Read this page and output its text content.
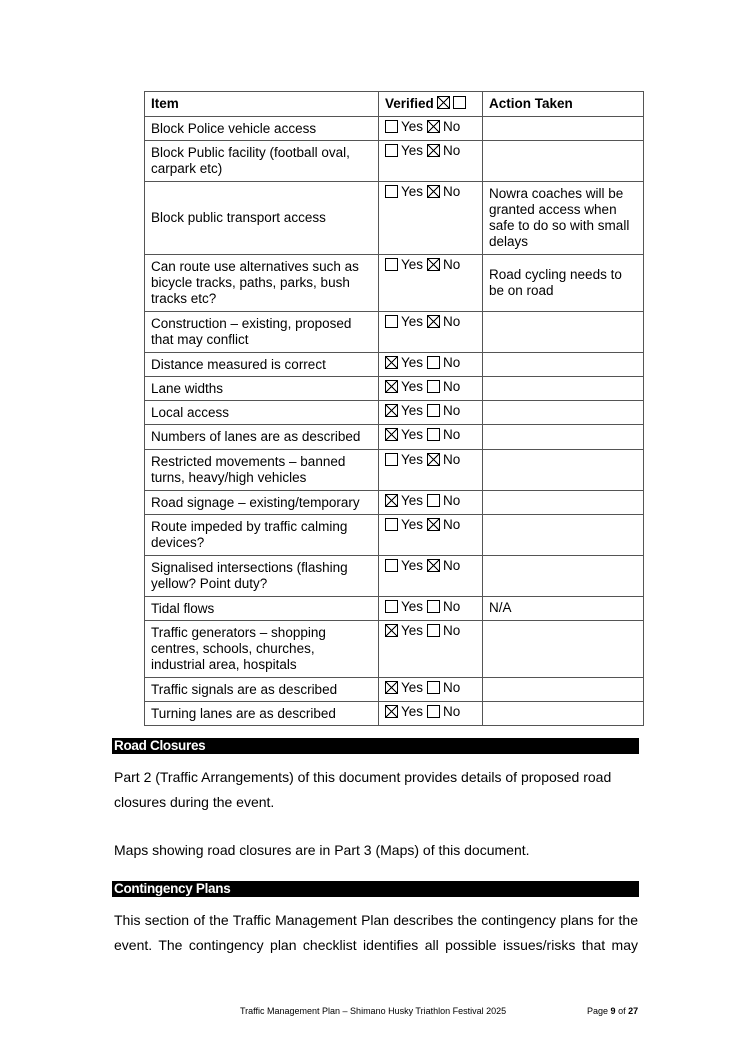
Item	Verified	Action Taken
Block Police vehicle access	Yes No	
Block Public facility (football oval, carpark etc)	Yes No	
Block public transport access	Yes No	Nowra coaches will be granted access when safe to do so with small delays
Can route use alternatives such as bicycle tracks, paths, parks, bush tracks etc?	Yes No	Road cycling needs to be on road
Construction – existing, proposed that may conflict	Yes No	
Distance measured is correct	Yes No	
Lane widths	Yes No	
Local access	Yes No	
Numbers of lanes are as described	Yes No	
Restricted movements – banned turns, heavy/high vehicles	Yes No	
Road signage – existing/temporary	Yes No	
Route impeded by traffic calming devices?	Yes No	
Signalised intersections (flashing yellow? Point duty?	Yes No	
Tidal flows	Yes No	N/A
Traffic generators – shopping centres, schools, churches, industrial area, hospitals	Yes No	
Traffic signals are as described	Yes No	
Turning lanes are as described	Yes No	
Road Closures

Part 2 (Traffic Arrangements) of this document provides details of proposed road closures during the event.

Maps showing road closures are in Part 3 (Maps) of this document.

Contingency Plans
This section of the Traffic Management Plan describes the contingency plans for the
event. The contingency plan checklist identifies all possible issues/risks that may
Traffic Management Plan – Shimano Husky Triathlon Festival 2025	Page 9 of 27
